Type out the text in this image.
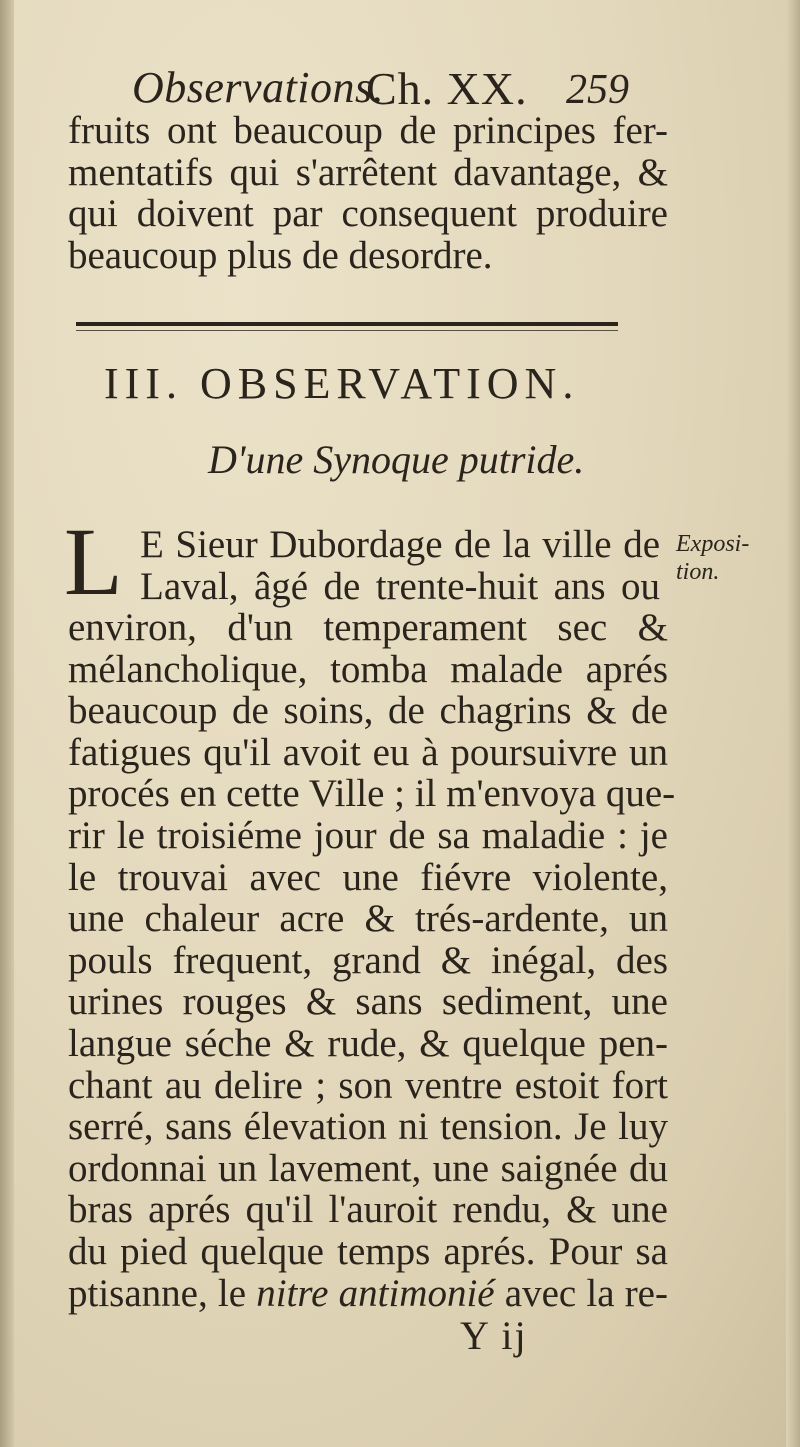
Observations.
Ch. XX. 259
fruits ont beaucoup de principes fer-
mentatifs qui s'arrêtent davantage, &
qui doivent par consequent produire
beaucoup plus de desordre.
III. OBSERVATION.
D'une Synoque putride.
L E Sieur Dubordage de la ville de
Laval, âgé de trente-huit ans ou
Exposi-
tion.
environ, d'un temperament sec &
mélancholique, tomba malade aprés
beaucoup de soins, de chagrins & de
fatigues qu'il avoit eu à poursuivre un
procés en cette Ville ; il m'envoya que-
rir le troisiéme jour de sa maladie : je
le trouvai avec une fiévre violente,
une chaleur acre & trés-ardente, un
pouls frequent, grand & inégal, des
urines rouges & sans sediment, une
langue séche & rude, & quelque pen-
chant au delire ; son ventre estoit fort
serré, sans élevation ni tension. Je luy
ordonnai un lavement, une saignée du
bras aprés qu'il l'auroit rendu, & une
du pied quelque temps aprés. Pour sa
ptisanne, le nitre antimonié avec la re-
Y ij
